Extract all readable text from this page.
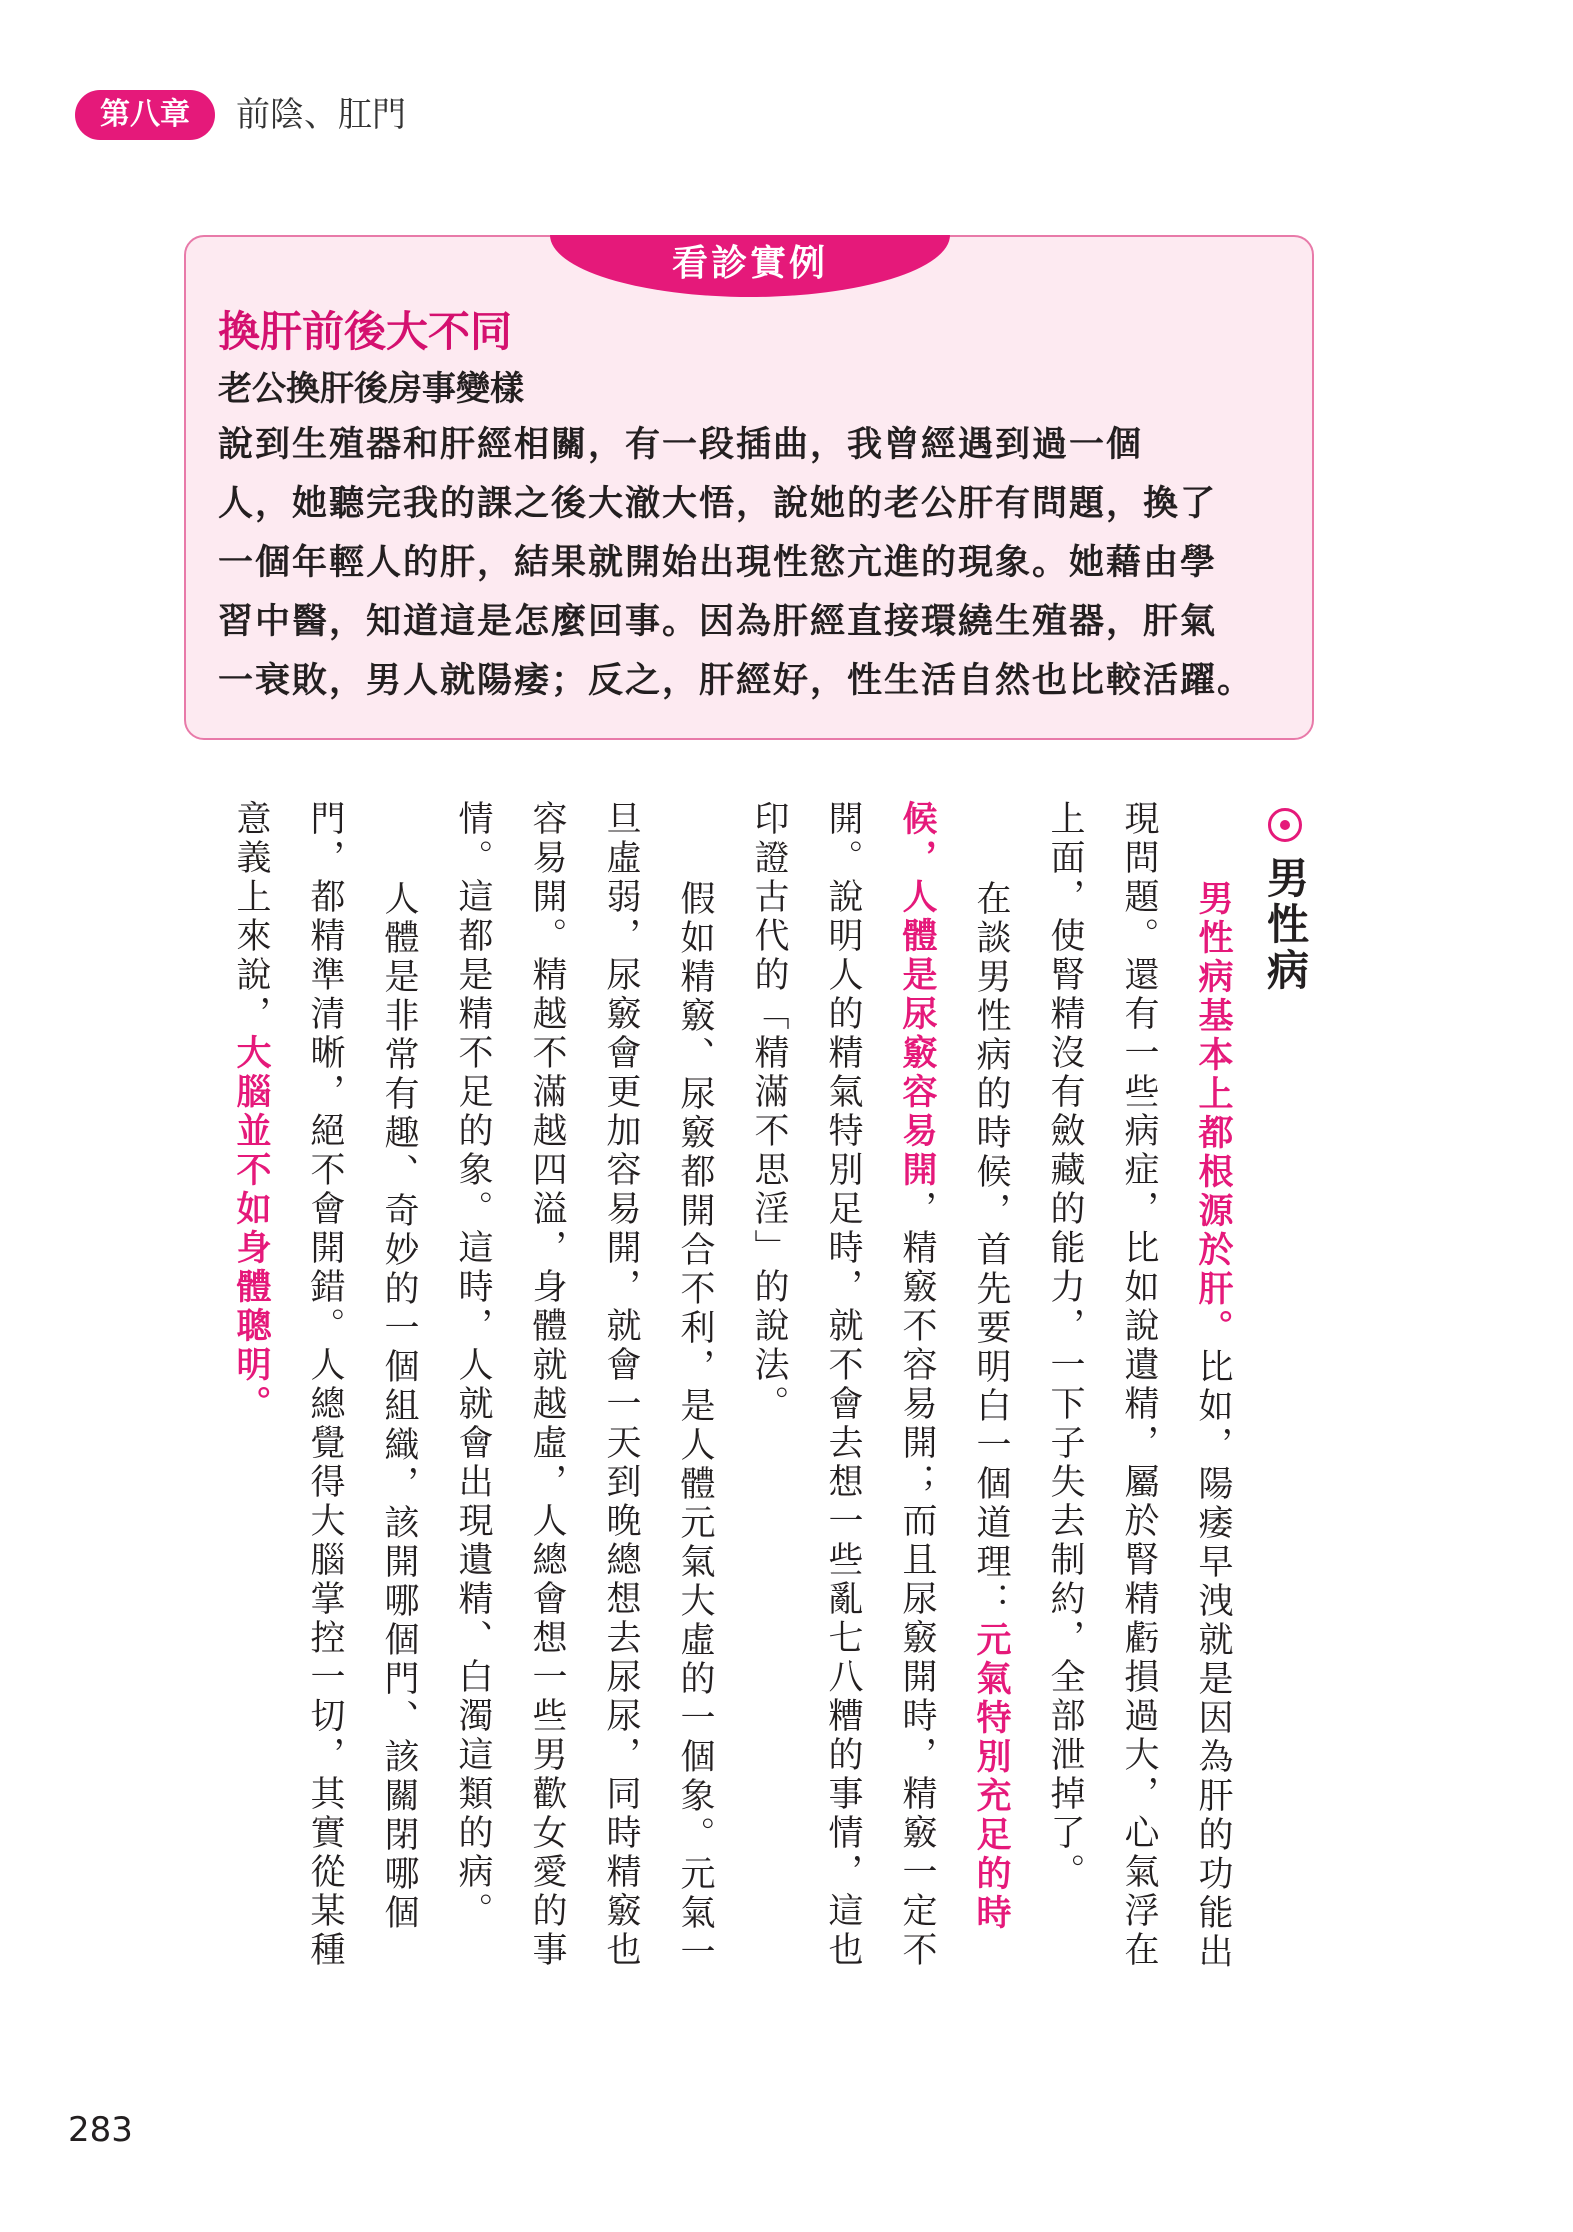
第八章	前陰、肛門
看診實例
換肝前後大不同
老公換肝後房事變樣
說到生殖器和肝經相關，有一段插曲，我曾經遇到過一個
人，她聽完我的課之後大澈大悟，說她的老公肝有問題，換了
一個年輕人的肝，結果就開始出現性慾亢進的現象。她藉由學
習中醫，知道這是怎麼回事。因為肝經直接環繞生殖器，肝氣
一衰敗，男人就陽痿；反之，肝經好，性生活自然也比較活躍。
男性病
男性病基本上都根源於肝。比如，陽痿早洩就是因為肝的功能出
現問題。還有一些病症，比如說遺精，屬於腎精虧損過大，心氣浮在
上面，使腎精沒有斂藏的能力，一下子失去制約，全部泄掉了。
在談男性病的時候，首先要明白一個道理：元氣特別充足的時
候，人體是尿竅容易開，精竅不容易開；而且尿竅開時，精竅一定不
開。說明人的精氣特別足時，就不會去想一些亂七八糟的事情，這也
印證古代的「精滿不思淫」的說法。
假如精竅、尿竅都開合不利，是人體元氣大虛的一個象。元氣一
旦虛弱，尿竅會更加容易開，就會一天到晚總想去尿尿，同時精竅也
容易開。精越不滿越四溢，身體就越虛，人總會想一些男歡女愛的事
情。這都是精不足的象。這時，人就會出現遺精、白濁這類的病。
人體是非常有趣、奇妙的一個組織，該開哪個門、該關閉哪個
門，都精準清晰，絕不會開錯。人總覺得大腦掌控一切，其實從某種
意義上來說，大腦並不如身體聰明。
283
